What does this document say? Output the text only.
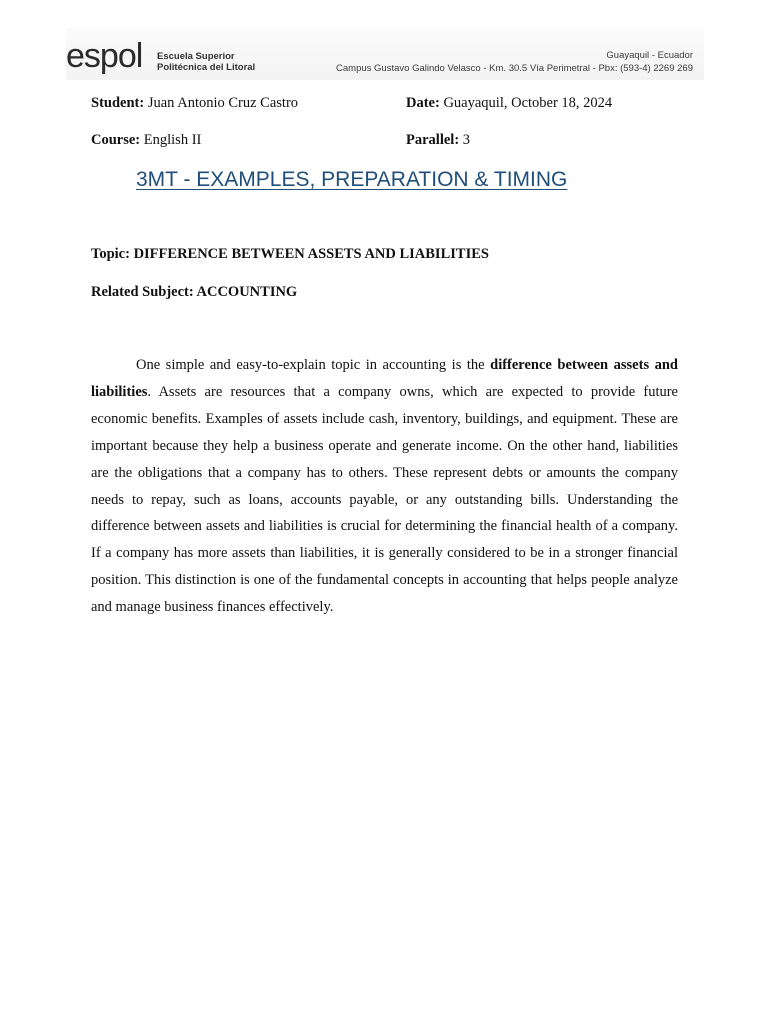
espol Escuela Superior
Politécnica del Litoral
Guayaquil - Ecuador
Campus Gustavo Galindo Velasco - Km. 30.5 Vía Perimetral - Pbx: (593-4) 2269 269
Student: Juan Antonio Cruz Castro	Date: Guayaquil, October 18, 2024
Course: English II	Parallel: 3
3MT - EXAMPLES, PREPARATION & TIMING
Topic: DIFFERENCE BETWEEN ASSETS AND LIABILITIES
Related Subject: ACCOUNTING

One simple and easy-to-explain topic in accounting is the difference between assets and liabilities. Assets are resources that a company owns, which are expected to provide future economic benefits. Examples of assets include cash, inventory, buildings, and equipment. These are important because they help a business operate and generate income. On the other hand, liabilities are the obligations that a company has to others. These represent debts or amounts the company needs to repay, such as loans, accounts payable, or any outstanding bills. Understanding the difference between assets and liabilities is crucial for determining the financial health of a company. If a company has more assets than liabilities, it is generally considered to be in a stronger financial position. This distinction is one of the fundamental concepts in accounting that helps people analyze and manage business finances effectively.
